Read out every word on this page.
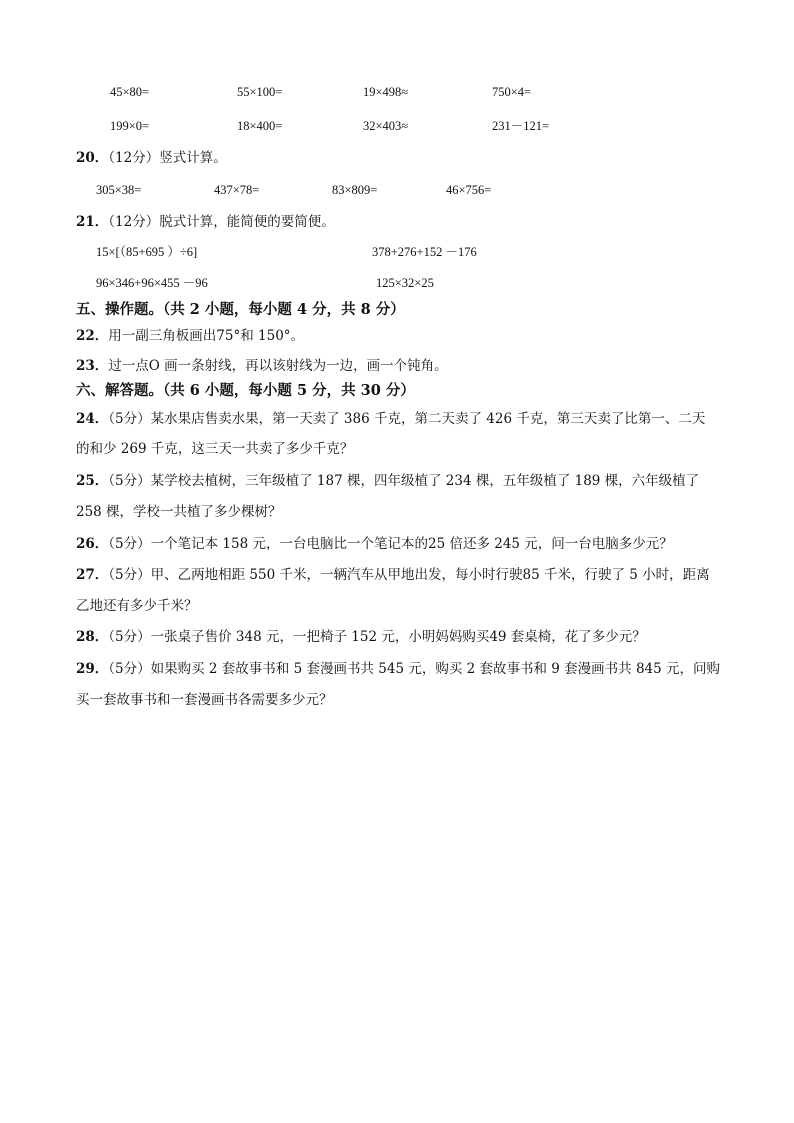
45×80=	55×100=	19×498≈	750×4=
199×0=	18×400=	32×403≈	231－121=
20．（12分）竖式计算。
305×38=	437×78=	83×809=	46×756=
21．（12分）脱式计算，能简便的要简便。
15×[（85+695 ）÷6]	378+276+152 －176
96×346+96×455 －96	125×32×25
五、操作题。（共 2 小题，每小题 4 分，共 8 分）
22．用一副三角板画出75°和 150°。
23．过一点O 画一条射线，再以该射线为一边，画一个钝角。
六、解答题。（共 6 小题，每小题 5 分，共 30 分）
24．（5分）某水果店售卖水果，第一天卖了 386 千克，第二天卖了 426 千克，第三天卖了比第一、二天
的和少 269 千克，这三天一共卖了多少千克？
25．（5分）某学校去植树，三年级植了 187 棵，四年级植了 234 棵，五年级植了 189 棵，六年级植了
258 棵，学校一共植了多少棵树？
26．（5分）一个笔记本 158 元，一台电脑比一个笔记本的25 倍还多 245 元，问一台电脑多少元？
27．（5分）甲、乙两地相距 550 千米，一辆汽车从甲地出发，每小时行驶85 千米，行驶了 5 小时，距离
乙地还有多少千米？
28．（5分）一张桌子售价 348 元，一把椅子 152 元，小明妈妈购买49 套桌椅，花了多少元？
29．（5分）如果购买 2 套故事书和 5 套漫画书共 545 元，购买 2 套故事书和 9 套漫画书共 845 元，问购
买一套故事书和一套漫画书各需要多少元？
